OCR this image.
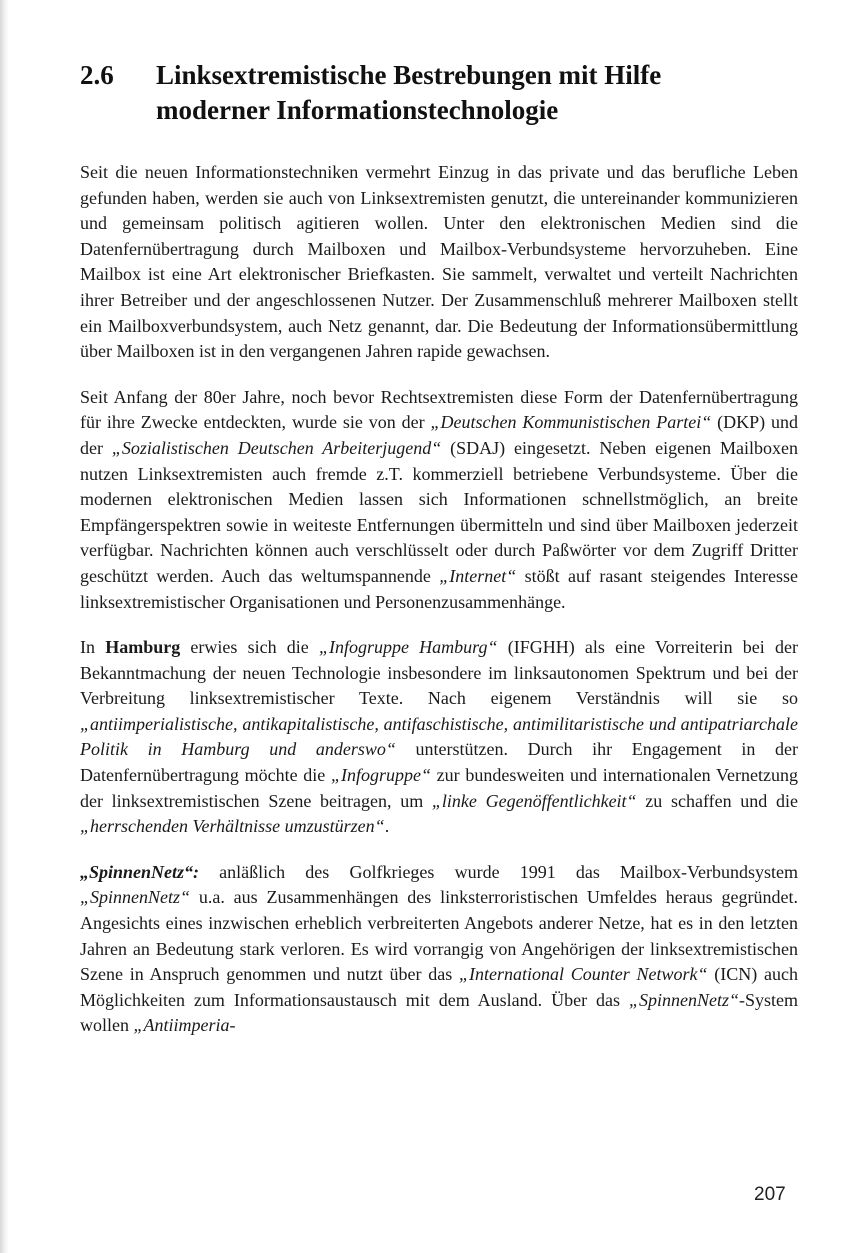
2.6 Linksextremistische Bestrebungen mit Hilfe moderner Informationstechnologie

Seit die neuen Informationstechniken vermehrt Einzug in das private und das berufliche Leben gefunden haben, werden sie auch von Linksextremisten genutzt, die untereinander kommunizieren und gemeinsam politisch agitieren wollen. Unter den elektronischen Medien sind die Datenfernübertragung durch Mailboxen und Mailbox-Verbundsysteme hervorzuheben. Eine Mailbox ist eine Art elektronischer Briefkasten. Sie sammelt, verwaltet und verteilt Nachrichten ihrer Betreiber und der angeschlossenen Nutzer. Der Zusammenschluß mehrerer Mailboxen stellt ein Mailboxverbundsystem, auch Netz genannt, dar. Die Bedeutung der Informationsübermittlung über Mailboxen ist in den vergangenen Jahren rapide gewachsen.

Seit Anfang der 80er Jahre, noch bevor Rechtsextremisten diese Form der Datenfernübertragung für ihre Zwecke entdeckten, wurde sie von der „Deutschen Kommunistischen Partei“ (DKP) und der „Sozialistischen Deutschen Arbeiterjugend“ (SDAJ) eingesetzt. Neben eigenen Mailboxen nutzen Linksextremisten auch fremde z.T. kommerziell betriebene Verbundsysteme. Über die modernen elektronischen Medien lassen sich Informationen schnellstmöglich, an breite Empfängerspektren sowie in weiteste Entfernungen übermitteln und sind über Mailboxen jederzeit verfügbar. Nachrichten können auch verschlüsselt oder durch Paßwörter vor dem Zugriff Dritter geschützt werden. Auch das weltumspannende „Internet“ stößt auf rasant steigendes Interesse linksextremistischer Organisationen und Personenzusammenhänge.

In Hamburg erwies sich die „Infogruppe Hamburg“ (IFGHH) als eine Vorreiterin bei der Bekanntmachung der neuen Technologie insbesondere im linksautonomen Spektrum und bei der Verbreitung linksextremistischer Texte. Nach eigenem Verständnis will sie so „antiimperialistische, antikapitalistische, antifaschistische, antimilitaristische und antipatriarchale Politik in Hamburg und anderswo“ unterstützen. Durch ihr Engagement in der Datenfernübertragung möchte die „Infogruppe“ zur bundesweiten und internationalen Vernetzung der linksextremistischen Szene beitragen, um „linke Gegenöffentlichkeit“ zu schaffen und die „herrschenden Verhältnisse umzustürzen“.

„SpinnenNetz“: anläßlich des Golfkrieges wurde 1991 das Mailbox-Verbundsystem „SpinnenNetz“ u.a. aus Zusammenhängen des linksterroristischen Umfeldes heraus gegründet. Angesichts eines inzwischen erheblich verbreiterten Angebots anderer Netze, hat es in den letzten Jahren an Bedeutung stark verloren. Es wird vorrangig von Angehörigen der linksextremistischen Szene in Anspruch genommen und nutzt über das „International Counter Network“ (ICN) auch Möglichkeiten zum Informationsaustausch mit dem Ausland. Über das „SpinnenNetz“-System wollen „Antiimperia-

207
